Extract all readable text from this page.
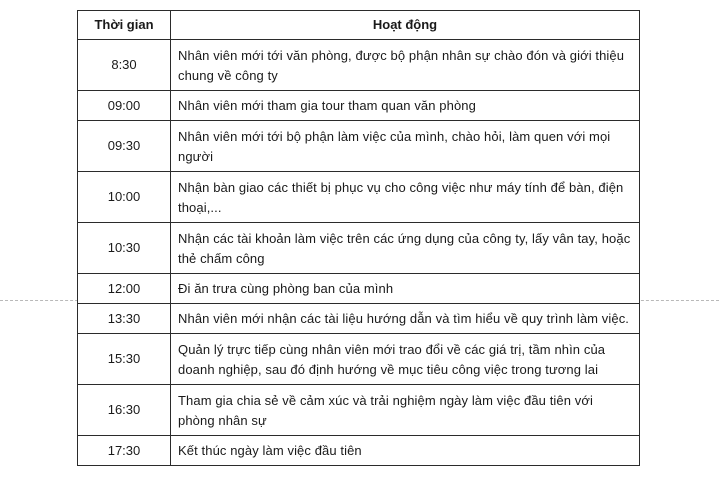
Thời gian	Hoạt động
8:30	Nhân viên mới tới văn phòng, được bộ phận nhân sự chào đón và giới thiệu chung về công ty
09:00	Nhân viên mới tham gia tour tham quan văn phòng
09:30	Nhân viên mới tới bộ phận làm việc của mình, chào hỏi, làm quen với mọi người
10:00	Nhận bàn giao các thiết bị phục vụ cho công việc như máy tính để bàn, điện thoại,...
10:30	Nhận các tài khoản làm việc trên các ứng dụng của công ty, lấy vân tay, hoặc thẻ chấm công
12:00	Đi ăn trưa cùng phòng ban của mình
13:30	Nhân viên mới nhận các tài liệu hướng dẫn và tìm hiểu về quy trình làm việc.
15:30	Quản lý trực tiếp cùng nhân viên mới trao đổi về các giá trị, tầm nhìn của doanh nghiệp, sau đó định hướng về mục tiêu công việc trong tương lai
16:30	Tham gia chia sẻ về cảm xúc và trải nghiệm ngày làm việc đầu tiên với phòng nhân sự
17:30	Kết thúc ngày làm việc đầu tiên
